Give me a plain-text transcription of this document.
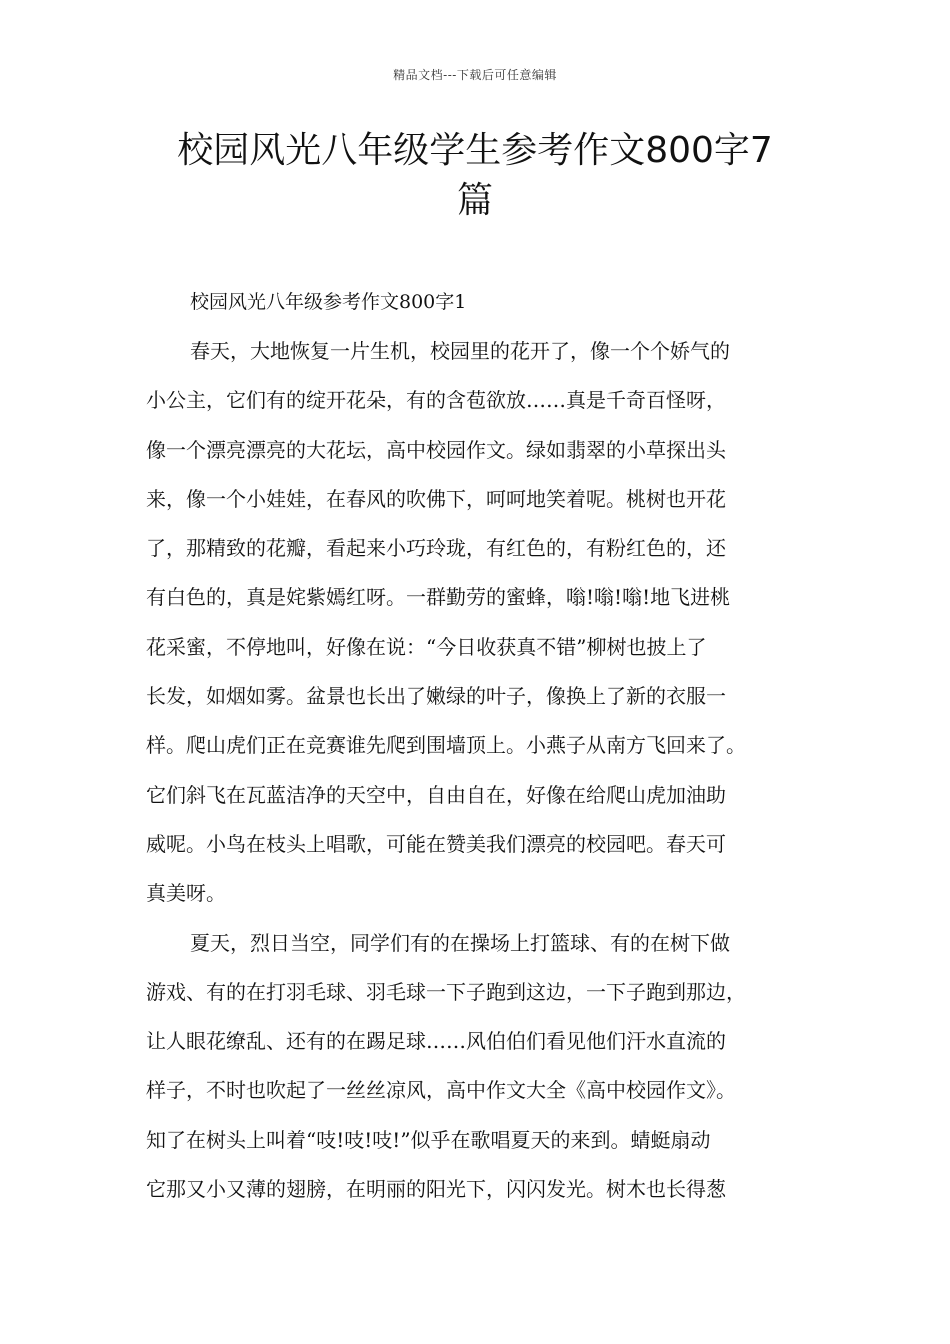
精品文档---下载后可任意编辑
校园风光八年级学生参考作文800字7
篇

校园风光八年级参考作文800字1

春天，大地恢复一片生机，校园里的花开了，像一个个娇气的

小公主，它们有的绽开花朵，有的含苞欲放……真是千奇百怪呀，

像一个漂亮漂亮的大花坛，高中校园作文。绿如翡翠的小草探出头

来，像一个小娃娃，在春风的吹佛下，呵呵地笑着呢。桃树也开花

了，那精致的花瓣，看起来小巧玲珑，有红色的，有粉红色的，还

有白色的，真是姹紫嫣红呀。一群勤劳的蜜蜂，嗡!嗡!嗡!地飞进桃

花采蜜，不停地叫，好像在说：“今日收获真不错”柳树也披上了

长发，如烟如雾。盆景也长出了嫩绿的叶子，像换上了新的衣服一

样。爬山虎们正在竞赛谁先爬到围墙顶上。小燕子从南方飞回来了。

它们斜飞在瓦蓝洁净的天空中，自由自在，好像在给爬山虎加油助

威呢。小鸟在枝头上唱歌，可能在赞美我们漂亮的校园吧。春天可

真美呀。

夏天，烈日当空，同学们有的在操场上打篮球、有的在树下做

游戏、有的在打羽毛球、羽毛球一下子跑到这边，一下子跑到那边，

让人眼花缭乱、还有的在踢足球……风伯伯们看见他们汗水直流的

样子，不时也吹起了一丝丝凉风，高中作文大全《高中校园作文》。

知了在树头上叫着“吱!吱!吱!”似乎在歌唱夏天的来到。蜻蜓扇动

它那又小又薄的翅膀，在明丽的阳光下，闪闪发光。树木也长得葱
